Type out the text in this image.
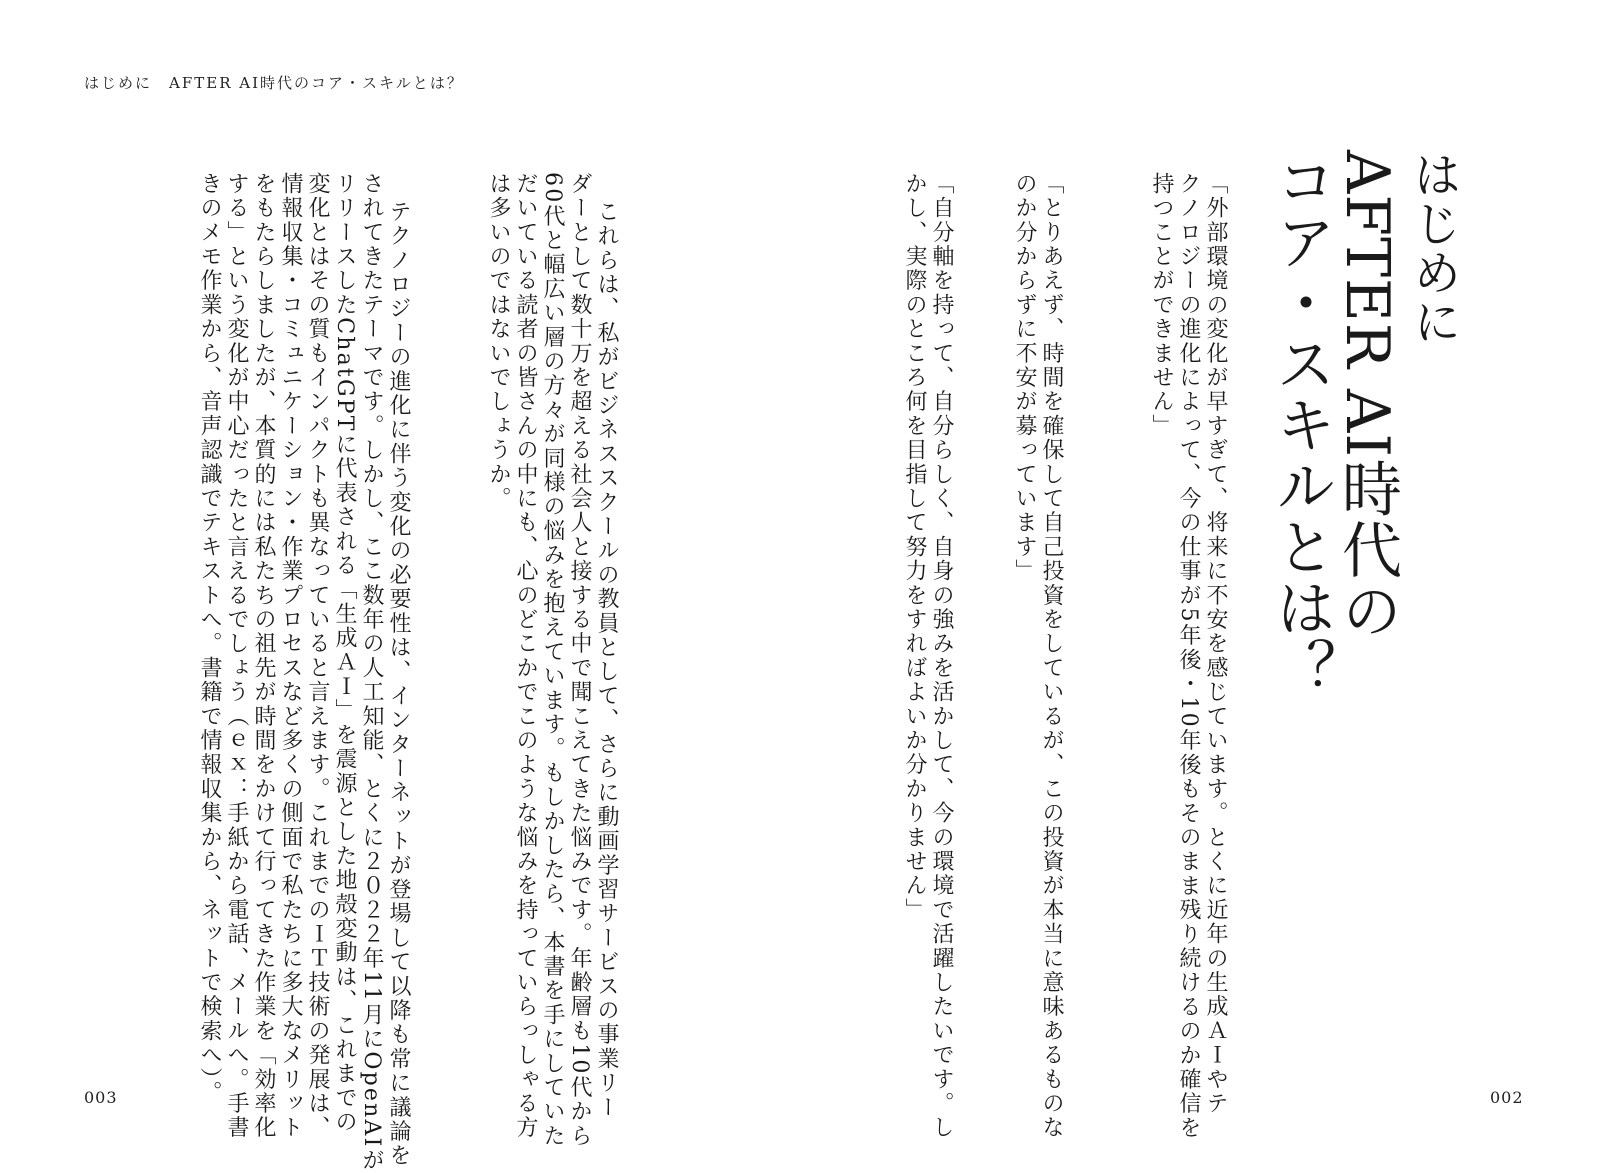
はじめに　AFTER AI時代のコア・スキルとは？
はじめに
AFTER AI時代の
コア・スキルとは？
「外部環境の変化が早すぎて、将来に不安を感じています。とくに近年の生成ＡＩやテ
クノロジーの進化によって、今の仕事が5年後・10年後もそのまま残り続けるのか確信を
持つことができません」
「とりあえず、時間を確保して自己投資をしているが、この投資が本当に意味あるものな
のか分からずに不安が募っています」
「自分軸を持って、自分らしく、自身の強みを活かして、今の環境で活躍したいです。し
かし、実際のところ何を目指して努力をすればよいか分かりません」
これらは、私がビジネススクールの教員として、さらに動画学習サービスの事業リー
ダーとして数十万を超える社会人と接する中で聞こえてきた悩みです。年齢層も10代から
60代と幅広い層の方々が同様の悩みを抱えています。もしかしたら、本書を手にしていた
だいている読者の皆さんの中にも、心のどこかでこのような悩みを持っていらっしゃる方
は多いのではないでしょうか。
テクノロジーの進化に伴う変化の必要性は、インターネットが登場して以降も常に議論を
されてきたテーマです。しかし、ここ数年の人工知能、とくに２０２２年11月にOpenAIが
リリースしたChatGPTに代表される「生成ＡＩ」を震源とした地殻変動は、これまでの
変化とはその質もインパクトも異なっていると言えます。これまでのＩＴ技術の発展は、
情報収集・コミュニケーション・作業プロセスなど多くの側面で私たちに多大なメリット
をもたらしましたが、本質的には私たちの祖先が時間をかけて行ってきた作業を「効率化
する」という変化が中心だったと言えるでしょう（ｅｘ：手紙から電話、メールへ。手書
きのメモ作業から、音声認識でテキストへ。書籍で情報収集から、ネットで検索へ）。
003	002
